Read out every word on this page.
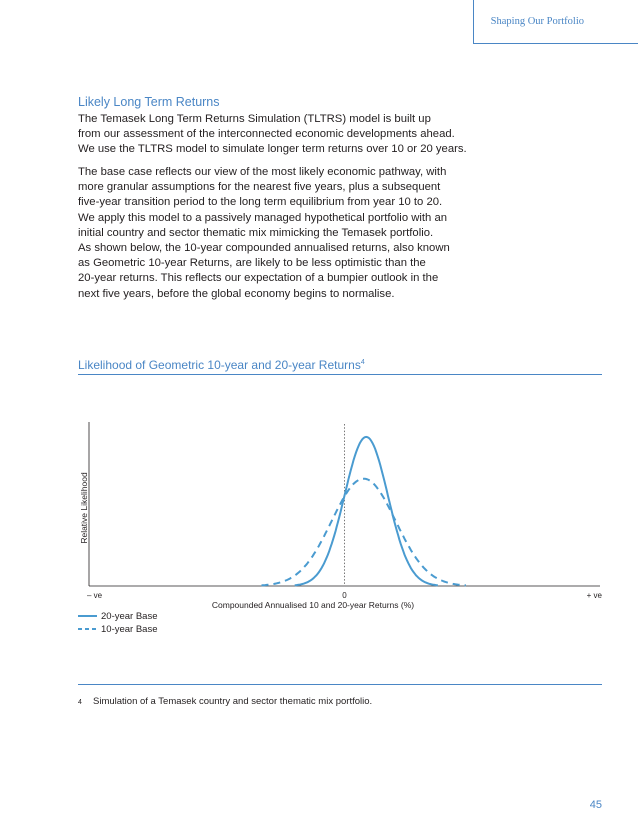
Shaping Our Portfolio
Likely Long Term Returns
The Temasek Long Term Returns Simulation (TLTRS) model is built up
from our assessment of the interconnected economic developments ahead.
We use the TLTRS model to simulate longer term returns over 10 or 20 years.
The base case reflects our view of the most likely economic pathway, with
more granular assumptions for the nearest five years, plus a subsequent
five-year transition period to the long term equilibrium from year 10 to 20.
We apply this model to a passively managed hypothetical portfolio with an
initial country and sector thematic mix mimicking the Temasek portfolio.
As shown below, the 10-year compounded annualised returns, also known
as Geometric 10-year Returns, are likely to be less optimistic than the
20-year returns. This reflects our expectation of a bumpier outlook in the
next five years, before the global economy begins to normalise.
Likelihood of Geometric 10-year and 20-year Returns$^4$
– ve	0	+ ve
Relative Likelihood
Compounded Annualised 10 and 20-year Returns (%)
20-year Base
10-year Base
4 Simulation of a Temasek country and sector thematic mix portfolio.
45
